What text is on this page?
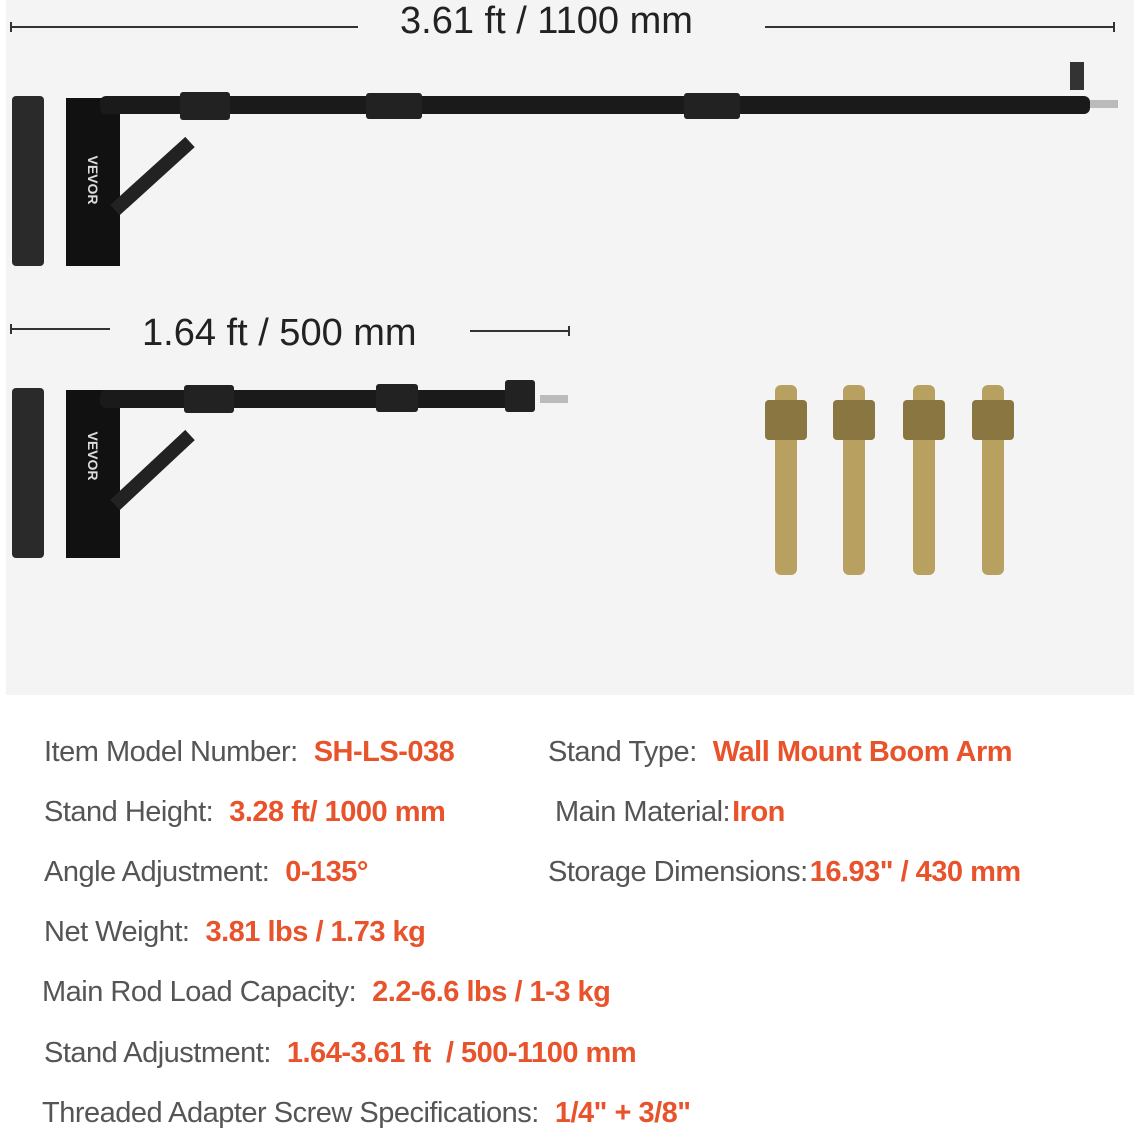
3.61 ft / 1100 mm
1.64 ft / 500 mm
VEVOR
VEVOR
Item Model Number: SH-LS-038	Stand Type: Wall Mount Boom Arm
Stand Height: 3.28 ft/ 1000 mm	Main Material:Iron
Angle Adjustment: 0-135°	Storage Dimensions:16.93" / 430 mm
Net Weight: 3.81 lbs / 1.73 kg
Main Rod Load Capacity: 2.2-6.6 lbs / 1-3 kg
Stand Adjustment: 1.64-3.61 ft  / 500-1100 mm
Threaded Adapter Screw Specifications: 1/4" + 3/8"
